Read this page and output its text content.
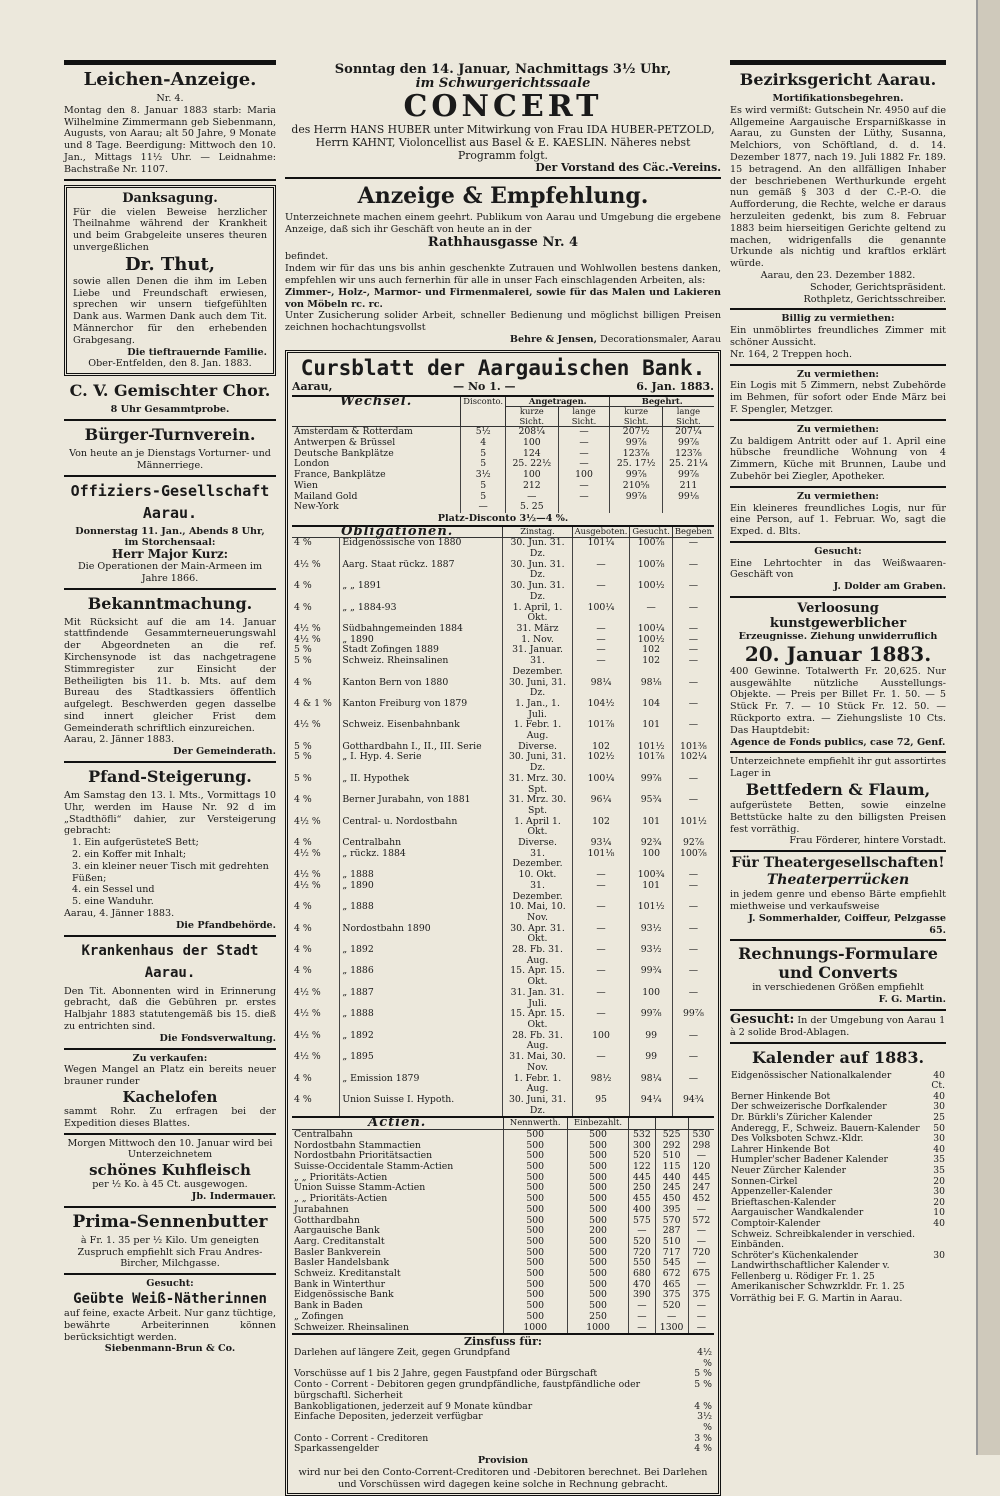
Leichen-Anzeige.
Nr. 4.
Montag den 8. Januar 1883 starb: Maria Wilhelmine Zimmermann geb Siebenmann, Augusts, von Aarau; alt 50 Jahre, 9 Monate und 8 Tage. Beerdigung: Mittwoch den 10. Jan., Mittags 11½ Uhr. — Leidnahme: Bachstraße Nr. 1107.
Danksagung.
Für die vielen Beweise herzlicher Theilnahme während der Krankheit und beim Grabgeleite unseres theuren unvergeßlichen
Dr. Thut,
sowie allen Denen die ihm im Leben Liebe und Freundschaft erwiesen, sprechen wir unsern tiefgefühlten Dank aus. Warmen Dank auch dem Tit. Männerchor für den erhebenden Grabgesang.
Die tieftrauernde Familie.
Ober-Entfelden, den 8. Jan. 1883.
C. V. Gemischter Chor.
8 Uhr Gesammtprobe.
Bürger-Turnverein.
Von heute an je Dienstags Vorturner- und Männerriege.
Offiziers-Gesellschaft Aarau.
Donnerstag 11. Jan., Abends 8 Uhr,
im Storchensaal:
Herr Major Kurz:
Die Operationen der Main-Armeen im Jahre 1866.
Bekanntmachung.
Mit Rücksicht auf die am 14. Januar stattfindende Gesammterneuerungswahl der Abgeordneten an die ref. Kirchensynode ist das nachgetragene Stimmregister zur Einsicht der Betheiligten bis 11. b. Mts. auf dem Bureau des Stadtkassiers öffentlich aufgelegt. Beschwerden gegen dasselbe sind innert gleicher Frist dem Gemeinderath schriftlich einzureichen.
Aarau, 2. Jänner 1883.
Der Gemeinderath.
Pfand-Steigerung.
Am Samstag den 13. l. Mts., Vormittags 10 Uhr, werden im Hause Nr. 92 d im „Stadthöfli“ dahier, zur Versteigerung gebracht:
1. Ein aufgerüsteteS Bett;
2. ein Koffer mit Inhalt;
3. ein kleiner neuer Tisch mit gedrehten Füßen;
4. ein Sessel und
5. eine Wanduhr.
Aarau, 4. Jänner 1883.
Die Pfandbehörde.
Krankenhaus der Stadt Aarau.
Den Tit. Abonnenten wird in Erinnerung gebracht, daß die Gebühren pr. erstes Halbjahr 1883 statutengemäß bis 15. dieß zu entrichten sind.
Die Fondsverwaltung.
Zu verkaufen:
Wegen Mangel an Platz ein bereits neuer brauner runder
Kachelofen
sammt Rohr. Zu erfragen bei der Expedition dieses Blattes.
Morgen Mittwoch den 10. Januar wird bei Unterzeichnetem
schönes Kuhfleisch
per ½ Ko. à 45 Ct. ausgewogen.
Jb. Indermauer.
Prima-Sennenbutter
à Fr. 1. 35 per ½ Kilo. Um geneigten Zuspruch empfiehlt sich Frau Andres-Bircher, Milchgasse.
Gesucht:
Geübte Weiß-Nätherinnen
auf feine, exacte Arbeit. Nur ganz tüchtige, bewährte Arbeiterinnen können berücksichtigt werden.
Siebenmann-Brun & Co.
Sonntag den 14. Januar, Nachmittags 3½ Uhr,
im Schwurgerichtssaale
CONCERT
des Herrn HANS HUBER unter Mitwirkung von Frau IDA HUBER-PETZOLD, Herrn KAHNT, Violoncellist aus Basel & E. KAESLIN. Näheres nebst Programm folgt.
Der Vorstand des Cäc.-Vereins.
Anzeige & Empfehlung.
Unterzeichnete machen einem geehrt. Publikum von Aarau und Umgebung die ergebene Anzeige, daß sich ihr Geschäft von heute an in der
Rathhausgasse Nr. 4
befindet.
Indem wir für das uns bis anhin geschenkte Zutrauen und Wohlwollen bestens danken, empfehlen wir uns auch fernerhin für alle in unser Fach einschlagenden Arbeiten, als:
Zimmer-, Holz-, Marmor- und Firmenmalerei, sowie für das Malen und Lakieren von Möbeln rc. rc.
Unter Zusicherung solider Arbeit, schneller Bedienung und möglichst billigen Preisen zeichnen hochachtungsvollst
Behre & Jensen, Decorationsmaler, Aarau
Cursblatt der Aargauischen Bank.
Aarau,	— No 1. —	6. Jan. 1883.
Wechsel.	Disconto.	Angetragen.		Begehrt.	
		kurze Sicht.	lange Sicht.	kurze Sicht.	lange Sicht.
Amsterdam & Rotterdam	5½	208¼	—	207½	207¼
Antwerpen & Brüssel	4	100	—	99⅞	99⅞
Deutsche Bankplätze	5	124	—	123⅞	123⅞
London	5	25. 22½	—	25. 17½	25. 21¼
France, Bankplätze	3½	100	100	99⅞	99⅞
Wien	5	212	—	210⅝	211
Mailand Gold	5	—	—	99⅞	99⅛
New-York	—	5. 25			
Platz-Disconto 3½—4 %.
Obligationen.		Zinstag.	Ausgeboten.	Gesucht.	Begeben
4 %	Eidgenössische von 1880	30. Jun. 31. Dz.	101¼	100⅞	—
4½ %	Aarg. Staat rückz. 1887	30. Jun. 31. Dz.	—	100⅞	—
4 %	„ „ 1891	30. Jun. 31. Dz.	—	100½	—
4 %	„ „ 1884-93	1. April, 1. Okt.	100¼	—	—
4½ %	Südbahngemeinden 1884	31. März	—	100¼	—
4½ %	„ 1890	1. Nov.	—	100½	—
5 %	Stadt Zofingen 1889	31. Januar.	—	102	—
5 %	Schweiz. Rheinsalinen	31. Dezember.	—	102	—
4 %	Kanton Bern von 1880	30. Juni, 31. Dz.	98¼	98⅛	—
4 & 1 %	Kanton Freiburg von 1879	1. Jan., 1. Juli.	104½	104	—
4½ %	Schweiz. Eisenbahnbank	1. Febr. 1. Aug.	101⅞	101	—
5 %	Gotthardbahn I., II., III. Serie	Diverse.	102	101½	101⅜
5 %	„ I. Hyp. 4. Serie	30. Juni, 31. Dz.	102½	101⅞	102¼
5 %	„ II. Hypothek	31. Mrz. 30. Spt.	100¼	99⅞	—
4 %	Berner Jurabahn, von 1881	31. Mrz. 30. Spt.	96¼	95¾	—
4½ %	Central- u. Nordostbahn	1. April 1. Okt.	102	101	101½
4 %	Centralbahn	Diverse.	93¼	92¾	92⅞
4½ %	„ rückz. 1884	31. Dezember.	101⅛	100	100⅞
4½ %	„ 1888	10. Okt.	—	100¾	—
4½ %	„ 1890	31. Dezember.	—	101	—
4 %	„ 1888	10. Mai, 10. Nov.	—	101½	—
4 %	Nordostbahn 1890	30. Apr. 31. Okt.	—	93½	—
4 %	„ 1892	28. Fb. 31. Aug.	—	93½	—
4 %	„ 1886	15. Apr. 15. Okt.	—	99¾	—
4½ %	„ 1887	31. Jan. 31. Juli.	—	100	—
4½ %	„ 1888	15. Apr. 15. Okt.	—	99⅞	99⅞
4½ %	„ 1892	28. Fb. 31. Aug.	100	99	—
4½ %	„ 1895	31. Mai, 30. Nov.	—	99	—
4 %	„ Emission 1879	1. Febr. 1. Aug.	98½	98¼	—
4 %	Union Suisse I. Hypoth.	30. Juni, 31. Dz.	95	94¼	94¾
Actien.	Nennwerth.	Einbezahlt.			
Centralbahn	500	500	532	525	530
Nordostbahn Stammactien	500	500	300	292	298
Nordostbahn Prioritätsactien	500	500	520	510	—
Suisse-Occidentale Stamm-Actien	500	500	122	115	120
„ „ Prioritäts-Actien	500	500	445	440	445
Union Suisse Stamm-Actien	500	500	250	245	247
„ „ Prioritäts-Actien	500	500	455	450	452
Jurabahnen	500	500	400	395	—
Gotthardbahn	500	500	575	570	572
Aargauische Bank	500	200	—	287	—
Aarg. Creditanstalt	500	500	520	510	—
Basler Bankverein	500	500	720	717	720
Basler Handelsbank	500	500	550	545	—
Schweiz. Kreditanstalt	500	500	680	672	675
Bank in Winterthur	500	500	470	465	—
Eidgenössische Bank	500	500	390	375	375
Bank in Baden	500	500	—	520	—
„ Zofingen	500	250	—	—	—
Schweizer. Rheinsalinen	1000	1000	—	1300	—
Zinsfuss für:
Darlehen auf längere Zeit, gegen Grundpfand	4½ %
Vorschüsse auf 1 bis 2 Jahre, gegen Faustpfand oder Bürgschaft	5 %
Conto - Corrent - Debitoren gegen grundpfändliche, faustpfändliche oder bürgschaftl. Sicherheit	5 %
Bankobligationen, jederzeit auf 9 Monate kündbar	4 %
Einfache Depositen, jederzeit verfügbar	3½ %
Conto - Corrent - Creditoren	3 %
Sparkassengelder	4 %
Provision
wird nur bei den Conto-Corrent-Creditoren und -Debitoren berechnet. Bei Darlehen und Vorschüssen wird dagegen keine solche in Rechnung gebracht.
Bezirksgericht Aarau.
Mortifikationsbegehren.
Es wird vermißt: Gutschein Nr. 4950 auf die Allgemeine Aargauische Ersparnißkasse in Aarau, zu Gunsten der Lüthy, Susanna, Melchiors, von Schöftland, d. d. 14. Dezember 1877, nach 19. Juli 1882 Fr. 189. 15 betragend. An den allfälligen Inhaber der beschriebenen Werthurkunde ergeht nun gemäß § 303 d der C.-P.-O. die Aufforderung, die Rechte, welche er daraus herzuleiten gedenkt, bis zum 8. Februar 1883 beim hierseitigen Gerichte geltend zu machen, widrigenfalls die genannte Urkunde als nichtig und kraftlos erklärt würde.
Aarau, den 23. Dezember 1882.
Schoder, Gerichtspräsident.
Rothpletz, Gerichtsschreiber.
Billig zu vermiethen:
Ein unmöblirtes freundliches Zimmer mit schöner Aussicht.
Nr. 164, 2 Treppen hoch.
Zu vermiethen:
Ein Logis mit 5 Zimmern, nebst Zubehörde im Behmen, für sofort oder Ende März bei F. Spengler, Metzger.
Zu vermiethen:
Zu baldigem Antritt oder auf 1. April eine hübsche freundliche Wohnung von 4 Zimmern, Küche mit Brunnen, Laube und Zubehör bei Ziegler, Apotheker.
Zu vermiethen:
Ein kleineres freundliches Logis, nur für eine Person, auf 1. Februar. Wo, sagt die Exped. d. Blts.
Gesucht:
Eine Lehrtochter in das Weißwaaren-Geschäft von
J. Dolder am Graben.
Verloosung kunstgewerblicher
Erzeugnisse. Ziehung unwiderruflich
20. Januar 1883.
400 Gewinne. Totalwerth Fr. 20,625. Nur ausgewählte nützliche Ausstellungs-Objekte. — Preis per Billet Fr. 1. 50. — 5 Stück Fr. 7. — 10 Stück Fr. 12. 50. — Rückporto extra. — Ziehungsliste 10 Cts. Das Hauptdebit:
Agence de Fonds publics, case 72, Genf.
Unterzeichnete empfiehlt ihr gut assortirtes Lager in
Bettfedern & Flaum,
aufgerüstete Betten, sowie einzelne Bettstücke halte zu den billigsten Preisen fest vorräthig.
Frau Förderer, hintere Vorstadt.
Für Theatergesellschaften!
Theaterperrücken
in jedem genre und ebenso Bärte empfiehlt miethweise und verkaufsweise
J. Sommerhalder, Coiffeur, Pelzgasse 65.
Rechnungs-Formulare und Converts
in verschiedenen Größen empfiehlt
F. G. Martin.
Gesucht: In der Umgebung von Aarau 1 à 2 solide Brod-Ablagen.
Kalender auf 1883.
Eidgenössischer Nationalkalender	40 Ct.
Berner Hinkende Bot	40
Der schweizerische Dorfkalender	30
Dr. Bürkli's Züricher Kalender	25
Anderegg, F., Schweiz. Bauern-Kalender	50
Des Volksboten Schwz.-Kldr.	30
Lahrer Hinkende Bot	40
Humpler'scher Badener Kalender	35
Neuer Zürcher Kalender	35
Sonnen-Cirkel	20
Appenzeller-Kalender	30
Brieftaschen-Kalender	20
Aargauischer Wandkalender	10
Comptoir-Kalender	40
Schweiz. Schreibkalender in verschied. Einbänden.	
Schröter's Küchenkalender	30
Landwirthschaftlicher Kalender v. Fellenberg u. Rödiger Fr. 1. 25	
Amerikanischer Schwzrkldr. Fr. 1. 25	
Vorräthig bei F. G. Martin in Aarau.
